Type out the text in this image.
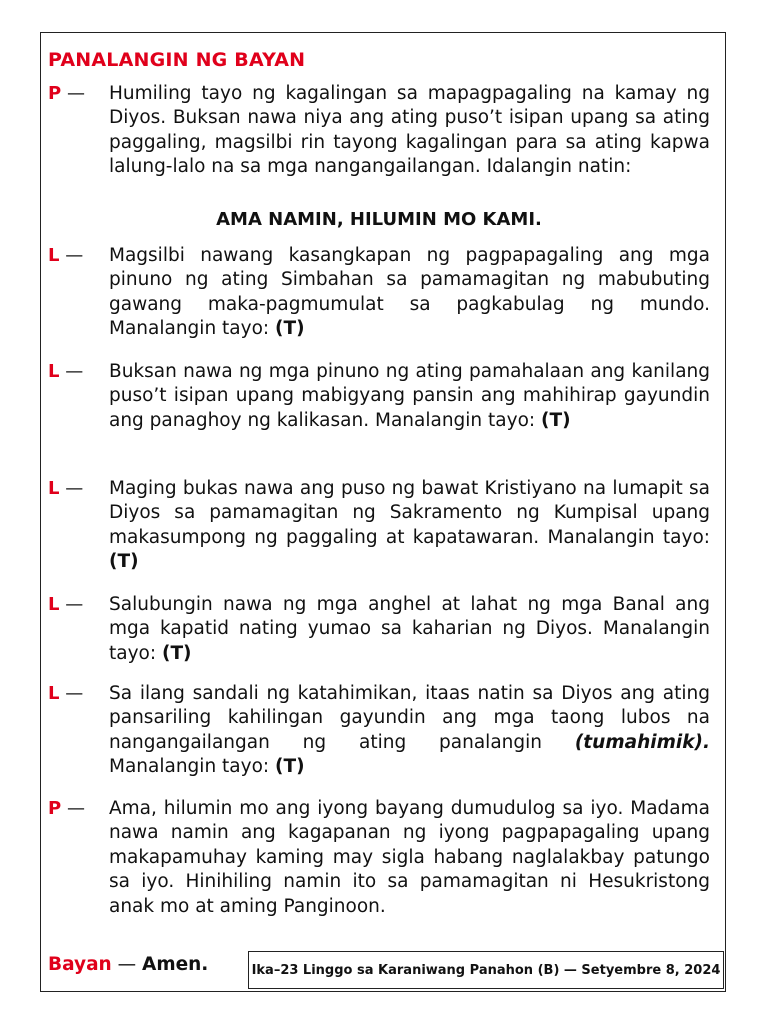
PANALANGIN NG BAYAN
P — Humiling tayo ng kagalingan sa mapagpagaling na kamay ng Diyos. Buksan nawa niya ang ating puso’t isipan upang sa ating paggaling, magsilbi rin tayong kagalingan para sa ating kapwa lalung-lalo na sa mga nangangailangan. Idalangin natin:
AMA NAMIN, HILUMIN MO KAMI.
L — Magsilbi nawang kasangkapan ng pagpapagaling ang mga pinuno ng ating Simbahan sa pamamagitan ng mabubuting gawang maka-pagmumulat sa pagkabulag ng mundo. Manalangin tayo: (T)
L — Buksan nawa ng mga pinuno ng ating pamahalaan ang kanilang puso’t isipan upang mabigyang pansin ang mahihirap gayundin ang panaghoy ng kalikasan. Manalangin tayo: (T)
L — Maging bukas nawa ang puso ng bawat Kristiyano na lumapit sa Diyos sa pamamagitan ng Sakramento ng Kumpisal upang makasumpong ng paggaling at kapatawaran. Manalangin tayo: (T)
L — Salubungin nawa ng mga anghel at lahat ng mga Banal ang mga kapatid nating yumao sa kaharian ng Diyos. Manalangin tayo: (T)
L — Sa ilang sandali ng katahimikan, itaas natin sa Diyos ang ating pansariling kahilingan gayundin ang mga taong lubos na nangangailangan ng ating panalangin (tumahimik). Manalangin tayo: (T)
P — Ama, hilumin mo ang iyong bayang dumudulog sa iyo. Madama nawa namin ang kagapanan ng iyong pagpapagaling upang makapamuhay kaming may sigla habang naglalakbay patungo sa iyo. Hinihiling namin ito sa pamamagitan ni Hesukristong anak mo at aming Panginoon.
Bayan — Amen.	Ika–23 Linggo sa Karaniwang Panahon (B) — Setyembre 8, 2024
